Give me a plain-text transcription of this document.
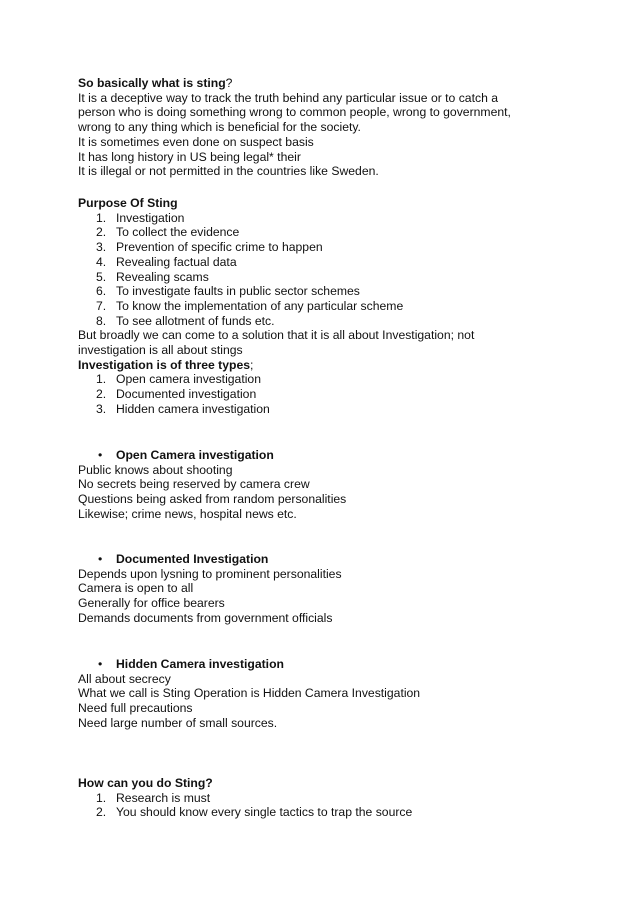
So basically what is sting?
It is a deceptive way to track the truth behind any particular issue or to catch a
person who is doing something wrong to common people, wrong to government,
wrong to any thing which is beneficial for the society.
It is sometimes even done on suspect basis
It has long history in US being legal* their
It is illegal or not permitted in the countries like Sweden.
Purpose Of Sting
1. Investigation
2. To collect the evidence
3. Prevention of specific crime to happen
4. Revealing factual data
5. Revealing scams
6. To investigate faults in public sector schemes
7. To know the implementation of any particular scheme
8. To see allotment of funds etc.
But broadly we can come to a solution that it is all about Investigation; not
investigation is all about stings
Investigation is of three types;
1. Open camera investigation
2. Documented investigation
3. Hidden camera investigation
• Open Camera investigation
Public knows about shooting
No secrets being reserved by camera crew
Questions being asked from random personalities
Likewise; crime news, hospital news etc.
• Documented Investigation
Depends upon lysning to prominent personalities
Camera is open to all
Generally for office bearers
Demands documents from government officials
• Hidden Camera investigation
All about secrecy
What we call is Sting Operation is Hidden Camera Investigation
Need full precautions
Need large number of small sources.
How can you do Sting?
1. Research is must
2. You should know every single tactics to trap the source
